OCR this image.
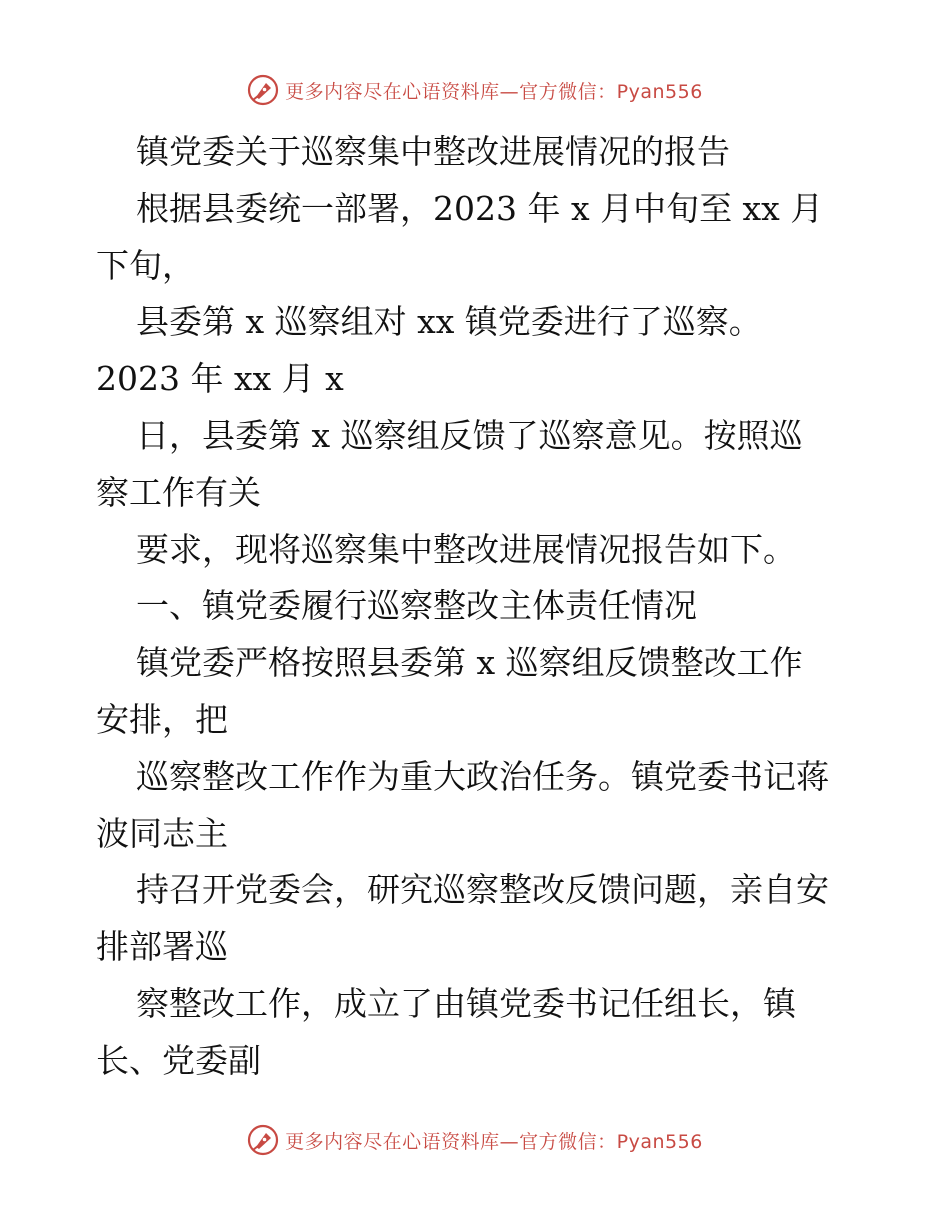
更多内容尽在心语资料库—官方微信：Pyan556
镇党委关于巡察集中整改进展情况的报告
根据县委统一部署，2023 年 x 月中旬至 xx 月
下旬，
县委第 x 巡察组对 xx 镇党委进行了巡察。
2023 年 xx 月 x
日，县委第 x 巡察组反馈了巡察意见。按照巡
察工作有关
要求，现将巡察集中整改进展情况报告如下。
一、镇党委履行巡察整改主体责任情况
镇党委严格按照县委第 x 巡察组反馈整改工作
安排，把
巡察整改工作作为重大政治任务。镇党委书记蒋
波同志主
持召开党委会，研究巡察整改反馈问题，亲自安
排部署巡
察整改工作，成立了由镇党委书记任组长，镇
长、党委副
更多内容尽在心语资料库—官方微信：Pyan556
